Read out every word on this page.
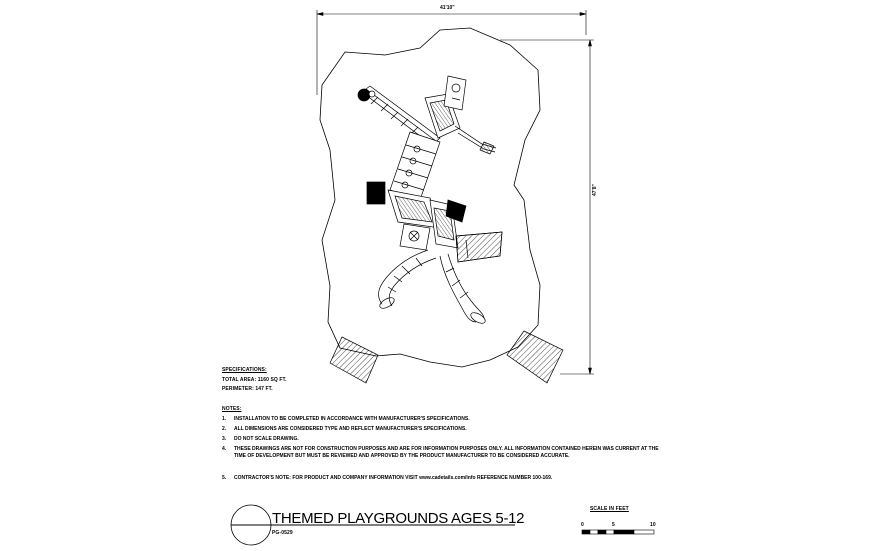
41'10"
47'8"
SPECIFICATIONS:
TOTAL AREA: 1160 SQ FT.
PERIMETER: 147 FT.
NOTES:
1. INSTALLATION TO BE COMPLETED IN ACCORDANCE WITH MANUFACTURER'S SPECIFICATIONS.
2. ALL DIMENSIONS ARE CONSIDERED TYPE AND REFLECT MANUFACTURER'S SPECIFICATIONS.
3. DO NOT SCALE DRAWING.
4. THESE DRAWINGS ARE NOT FOR CONSTRUCTION PURPOSES AND ARE FOR INFORMATION PURPOSES ONLY. ALL INFORMATION CONTAINED HEREIN WAS CURRENT AT THE TIME OF DEVELOPMENT BUT MUST BE REVIEWED AND APPROVED BY THE PRODUCT MANUFACTURER TO BE CONSIDERED ACCURATE.
5. CONTRACTOR'S NOTE: FOR PRODUCT AND COMPANY INFORMATION VISIT www.cadetails.com/info REFERENCE NUMBER 100-169.
THEMED PLAYGROUNDS AGES 5-12
PG-0529
SCALE IN FEET
0	5	10
